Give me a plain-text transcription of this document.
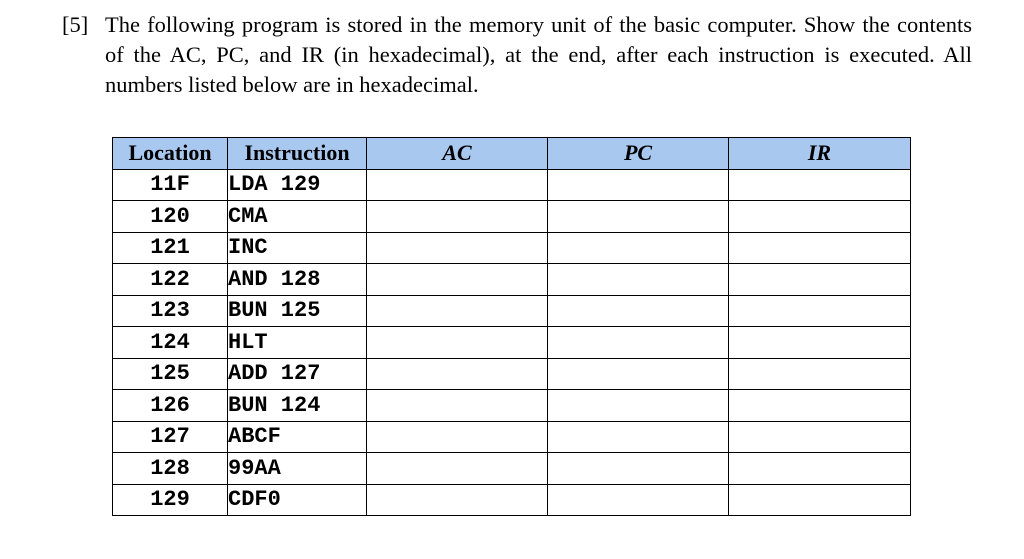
[5] The following program is stored in the memory unit of the basic computer. Show the contents of the AC, PC, and IR (in hexadecimal), at the end, after each instruction is executed. All numbers listed below are in hexadecimal.
Location	Instruction	AC	PC	IR
11F	LDA 129			
120	CMA			
121	INC			
122	AND 128			
123	BUN 125			
124	HLT			
125	ADD 127			
126	BUN 124			
127	ABCF			
128	99AA			
129	CDF0			
